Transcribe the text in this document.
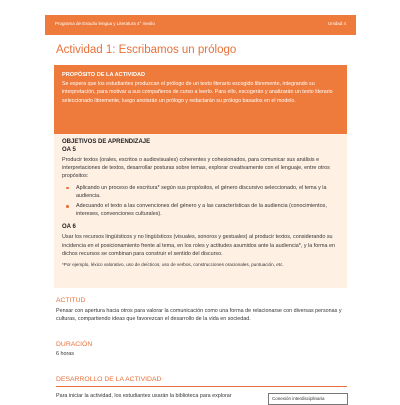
Programa de Estudio lengua y Literatura 4° medio	Unidad 4
Actividad 1: Escribamos un prólogo
PROPÓSITO DE LA ACTIVIDAD
Se espera que los estudiantes produzcan el prólogo de un texto literario escogido libremente, integrando su interpretación, para motivar a sus compañeros de curso a leerlo. Para ello, escogerán y analizarán un texto literario seleccionado libremente, luego anotarán un prólogo y redactarán su prólogo basados en el modelo.
OBJETIVOS DE APRENDIZAJE
OA 5
Producir textos (orales, escritos o audiovisuales) coherentes y cohesionados, para comunicar sus análisis e interpretaciones de textos, desarrollar posturas sobre temas, explorar creativamente con el lenguaje, entre otros propósitos:
Aplicando un proceso de escritura* según sus propósitos, el género discursivo seleccionado, el tema y la audiencia.
Adecuando el texto a las convenciones del género y a las características de la audiencia (conocimientos, intereses, convenciones culturales).
OA 6
Usar los recursos lingüísticos y no lingüísticos (visuales, sonoros y gestuales) al producir textos, considerando su incidencia en el posicionamiento frente al tema, en los roles y actitudes asumidos ante la audiencia*, y la forma en dichos recursos se combinan para construir el sentido del discurso.
*Por ejemplo, léxico valorativo, uso de deícticos, uso de verbos, construcciones oracionales, puntuación, etc.
ACTITUD
Pensar con apertura hacia otros para valorar la comunicación como una forma de relacionarse con diversas personas y culturas, compartiendo ideas que favorezcan el desarrollo de la vida en sociedad.
DURACIÓN
6 horas
DESARROLLO DE LA ACTIVIDAD
Para iniciar la actividad, los estudiantes usarán la biblioteca para explorar	Conexión interdisciplinaria
